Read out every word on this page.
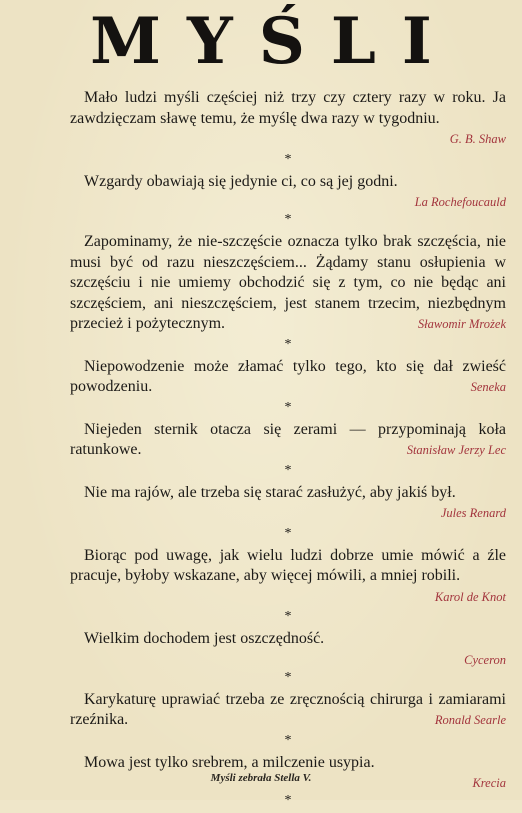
MYŚLI

Mało ludzi myśli częściej niż trzy czy cztery razy w roku. Ja zawdzięczam sławę temu, że myślę dwa razy w tygodniu.
G. B. Shaw

*

Wzgardy obawiają się jedynie ci, co są jej godni.
La Rochefoucauld

*

Zapominamy, że nie-szczęście oznacza tylko brak szczęścia, nie musi być od razu nieszczęściem... Żądamy stanu osłupienia w szczęściu i nie umiemy obchodzić się z tym, co nie będąc ani szczęściem, ani nieszczęściem, jest stanem trzecim, niezbędnym przecież i pożytecznym.	Sławomir Mrożek

*

Niepowodzenie może złamać tylko tego, kto się dał zwieść powodzeniu.	Seneka

*

Niejeden sternik otacza się zerami — przypominają koła ratunkowe.	Stanisław Jerzy Lec

*

Nie ma rajów, ale trzeba się starać zasłużyć, aby jakiś był.
Jules Renard

*

Biorąc pod uwagę, jak wielu ludzi dobrze umie mówić a źle pracuje, byłoby wskazane, aby więcej mówili, a mniej robili.
Karol de Knot

*

Wielkim dochodem jest oszczędność.
Cyceron

*

Karykaturę uprawiać trzeba ze zręcznością chirurga i zamiarami rzeźnika.	Ronald Searle

*

Mowa jest tylko srebrem, a milczenie usypia.
Krecia

*
Myśli zebrała Stella V.
